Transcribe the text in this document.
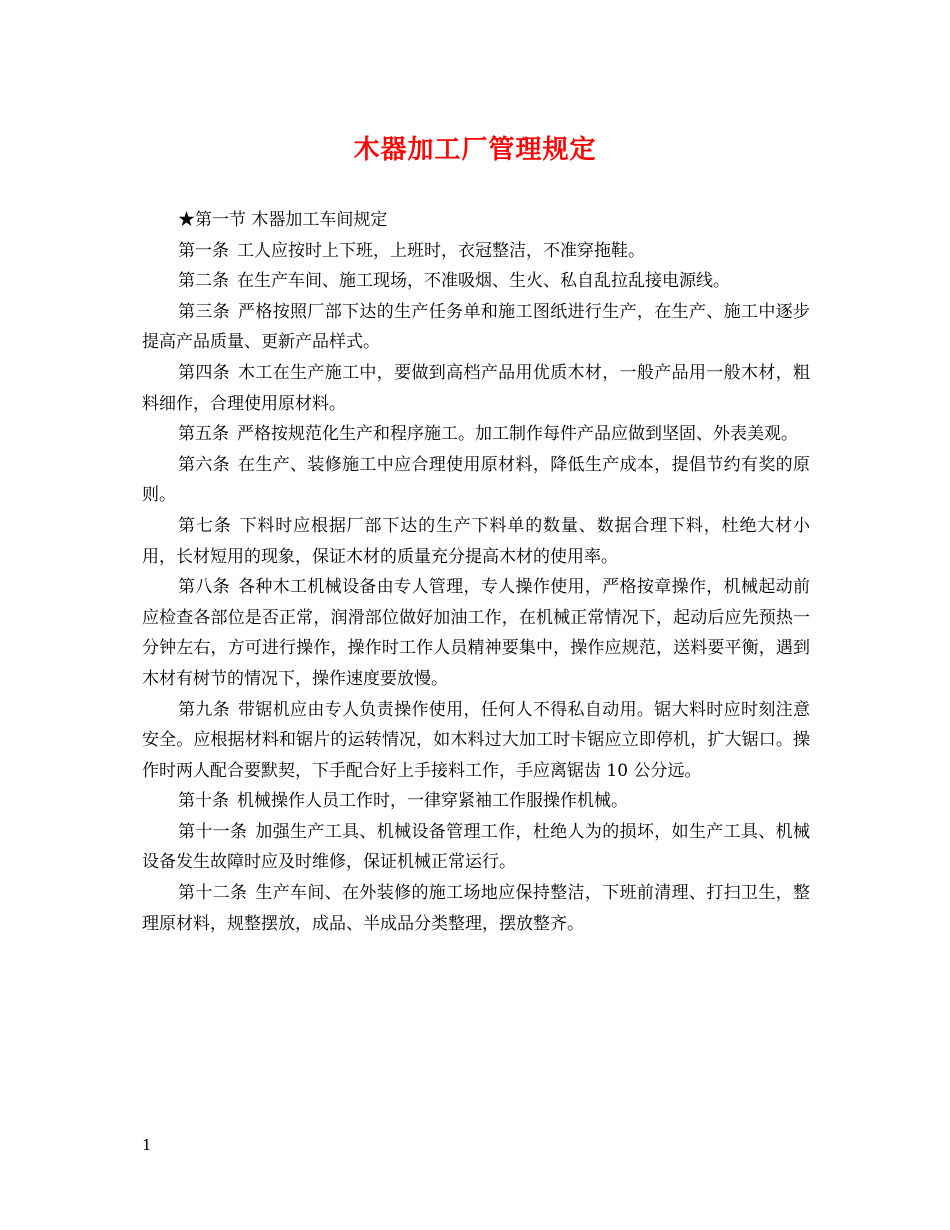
木器加工厂管理规定

★第一节 木器加工车间规定

第一条 工人应按时上下班，上班时，衣冠整洁，不准穿拖鞋。

第二条 在生产车间、施工现场，不准吸烟、生火、私自乱拉乱接电源线。

第三条 严格按照厂部下达的生产任务单和施工图纸进行生产，在生产、施工中逐步提高产品质量、更新产品样式。

第四条 木工在生产施工中，要做到高档产品用优质木材，一般产品用一般木材，粗料细作，合理使用原材料。

第五条 严格按规范化生产和程序施工。加工制作每件产品应做到坚固、外表美观。

第六条 在生产、装修施工中应合理使用原材料，降低生产成本，提倡节约有奖的原则。

第七条 下料时应根据厂部下达的生产下料单的数量、数据合理下料，杜绝大材小用，长材短用的现象，保证木材的质量充分提高木材的使用率。

第八条 各种木工机械设备由专人管理，专人操作使用，严格按章操作，机械起动前应检查各部位是否正常，润滑部位做好加油工作，在机械正常情况下，起动后应先预热一分钟左右，方可进行操作，操作时工作人员精神要集中，操作应规范，送料要平衡，遇到木材有树节的情况下，操作速度要放慢。

第九条 带锯机应由专人负责操作使用，任何人不得私自动用。锯大料时应时刻注意安全。应根据材料和锯片的运转情况，如木料过大加工时卡锯应立即停机，扩大锯口。操作时两人配合要默契，下手配合好上手接料工作，手应离锯齿 10 公分远。

第十条 机械操作人员工作时，一律穿紧袖工作服操作机械。

第十一条 加强生产工具、机械设备管理工作，杜绝人为的损坏，如生产工具、机械设备发生故障时应及时维修，保证机械正常运行。

第十二条 生产车间、在外装修的施工场地应保持整洁，下班前清理、打扫卫生，整理原材料，规整摆放，成品、半成品分类整理，摆放整齐。

1
